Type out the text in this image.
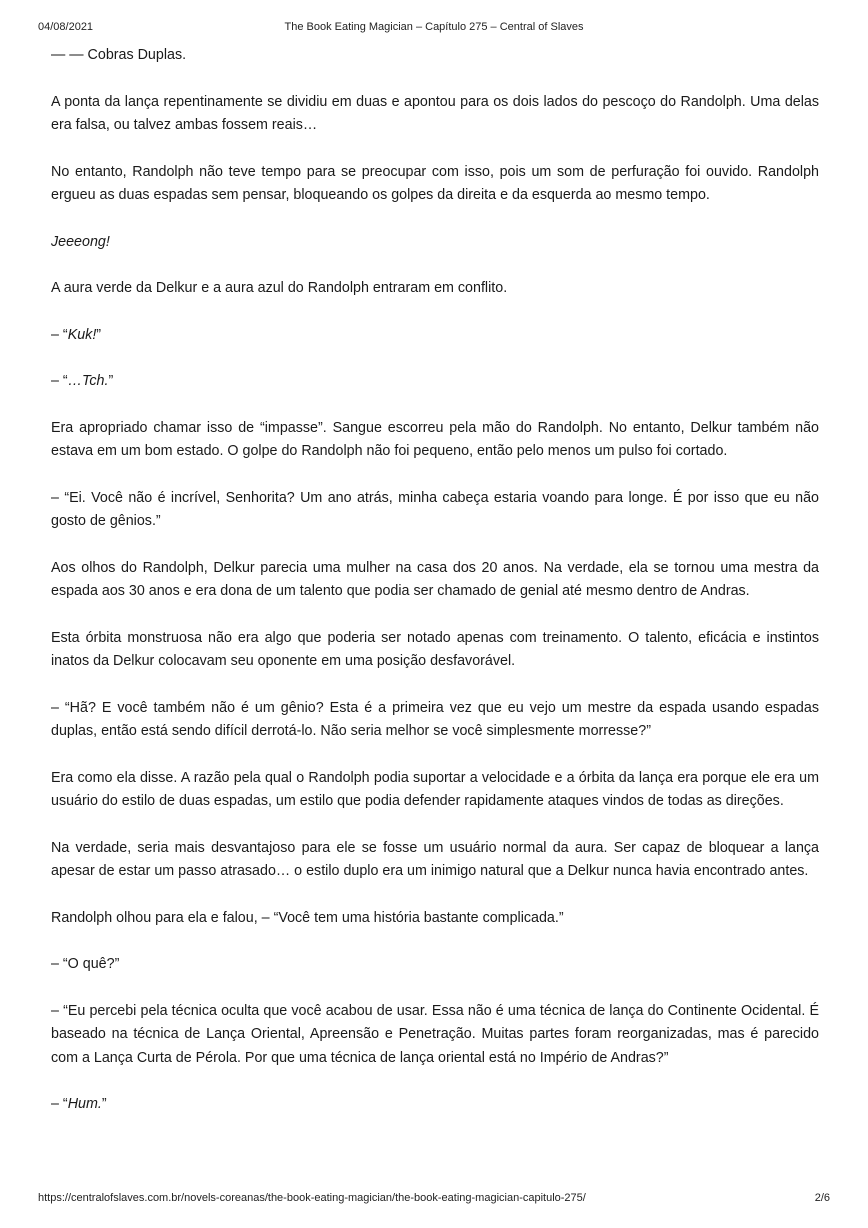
04/08/2021	The Book Eating Magician – Capítulo 275 – Central of Slaves

— — Cobras Duplas.

A ponta da lança repentinamente se dividiu em duas e apontou para os dois lados do pescoço do Randolph. Uma delas era falsa, ou talvez ambas fossem reais…

No entanto, Randolph não teve tempo para se preocupar com isso, pois um som de perfuração foi ouvido. Randolph ergueu as duas espadas sem pensar, bloqueando os golpes da direita e da esquerda ao mesmo tempo.

Jeeeong!

A aura verde da Delkur e a aura azul do Randolph entraram em conflito.

– “Kuk!”

– “…Tch.”

Era apropriado chamar isso de “impasse”. Sangue escorreu pela mão do Randolph. No entanto, Delkur também não estava em um bom estado. O golpe do Randolph não foi pequeno, então pelo menos um pulso foi cortado.

– “Ei. Você não é incrível, Senhorita? Um ano atrás, minha cabeça estaria voando para longe. É por isso que eu não gosto de gênios.”

Aos olhos do Randolph, Delkur parecia uma mulher na casa dos 20 anos. Na verdade, ela se tornou uma mestra da espada aos 30 anos e era dona de um talento que podia ser chamado de genial até mesmo dentro de Andras.

Esta órbita monstruosa não era algo que poderia ser notado apenas com treinamento. O talento, eficácia e instintos inatos da Delkur colocavam seu oponente em uma posição desfavorável.

– “Hã? E você também não é um gênio? Esta é a primeira vez que eu vejo um mestre da espada usando espadas duplas, então está sendo difícil derrotá-lo. Não seria melhor se você simplesmente morresse?”

Era como ela disse. A razão pela qual o Randolph podia suportar a velocidade e a órbita da lança era porque ele era um usuário do estilo de duas espadas, um estilo que podia defender rapidamente ataques vindos de todas as direções.

Na verdade, seria mais desvantajoso para ele se fosse um usuário normal da aura. Ser capaz de bloquear a lança apesar de estar um passo atrasado… o estilo duplo era um inimigo natural que a Delkur nunca havia encontrado antes.

Randolph olhou para ela e falou, – “Você tem uma história bastante complicada.”

– “O quê?”

– “Eu percebi pela técnica oculta que você acabou de usar. Essa não é uma técnica de lança do Continente Ocidental. É baseado na técnica de Lança Oriental, Apreensão e Penetração. Muitas partes foram reorganizadas, mas é parecido com a Lança Curta de Pérola. Por que uma técnica de lança oriental está no Império de Andras?”

– “Hum.”

https://centralofslaves.com.br/novels-coreanas/the-book-eating-magician/the-book-eating-magician-capitulo-275/	2/6
